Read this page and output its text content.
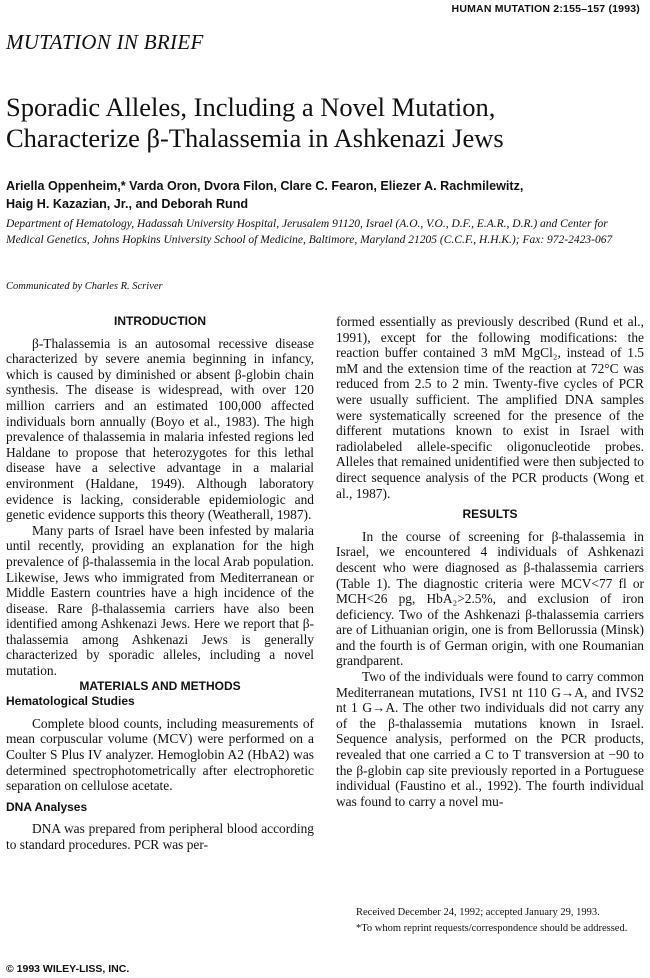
HUMAN MUTATION 2:155–157 (1993)
MUTATION IN BRIEF
Sporadic Alleles, Including a Novel Mutation,
Characterize β-Thalassemia in Ashkenazi Jews
Ariella Oppenheim,* Varda Oron, Dvora Filon, Clare C. Fearon, Eliezer A. Rachmilewitz,
Haig H. Kazazian, Jr., and Deborah Rund
Department of Hematology, Hadassah University Hospital, Jerusalem 91120, Israel (A.O., V.O., D.F., E.A.R., D.R.) and Center for Medical Genetics, Johns Hopkins University School of Medicine, Baltimore, Maryland 21205 (C.C.F., H.H.K.); Fax: 972-2423-067
Communicated by Charles R. Scriver
INTRODUCTION

β-Thalassemia is an autosomal recessive disease characterized by severe anemia beginning in infancy, which is caused by diminished or absent β-globin chain synthesis. The disease is widespread, with over 120 million carriers and an estimated 100,000 affected individuals born annually (Boyo et al., 1983). The high prevalence of thalassemia in malaria infested regions led Haldane to propose that heterozygotes for this lethal disease have a selective advantage in a malarial environment (Haldane, 1949). Although laboratory evidence is lacking, considerable epidemiologic and genetic evidence supports this theory (Weatherall, 1987).

Many parts of Israel have been infested by malaria until recently, providing an explanation for the high prevalence of β-thalassemia in the local Arab population. Likewise, Jews who immigrated from Mediterranean or Middle Eastern countries have a high incidence of the disease. Rare β-thalassemia carriers have also been identified among Ashkenazi Jews. Here we report that β-thalassemia among Ashkenazi Jews is generally characterized by sporadic alleles, including a novel mutation.

MATERIALS AND METHODS
Hematological Studies

Complete blood counts, including measurements of mean corpuscular volume (MCV) were performed on a Coulter S Plus IV analyzer. Hemoglobin A2 (HbA2) was determined spectrophotometrically after electrophoretic separation on cellulose acetate.

DNA Analyses

DNA was prepared from peripheral blood according to standard procedures. PCR was per-

formed essentially as previously described (Rund et al., 1991), except for the following modifications: the reaction buffer contained 3 mM MgCl₂, instead of 1.5 mM and the extension time of the reaction at 72°C was reduced from 2.5 to 2 min. Twenty-five cycles of PCR were usually sufficient. The amplified DNA samples were systematically screened for the presence of the different mutations known to exist in Israel with radiolabeled allele-specific oligonucleotide probes. Alleles that remained unidentified were then subjected to direct sequence analysis of the PCR products (Wong et al., 1987).

RESULTS

In the course of screening for β-thalassemia in Israel, we encountered 4 individuals of Ashkenazi descent who were diagnosed as β-thalassemia carriers (Table 1). The diagnostic criteria were MCV<77 fl or MCH<26 pg, HbA₂>2.5%, and exclusion of iron deficiency. Two of the Ashkenazi β-thalassemia carriers are of Lithuanian origin, one is from Bellorussia (Minsk) and the fourth is of German origin, with one Roumanian grandparent.

Two of the individuals were found to carry common Mediterranean mutations, IVS1 nt 110 G→A, and IVS2 nt 1 G→A. The other two individuals did not carry any of the β-thalassemia mutations known in Israel. Sequence analysis, performed on the PCR products, revealed that one carried a C to T transversion at −90 to the β-globin cap site previously reported in a Portuguese individual (Faustino et al., 1992). The fourth individual was found to carry a novel mu-

Received December 24, 1992; accepted January 29, 1993.

*To whom reprint requests/correspondence should be addressed.

© 1993 WILEY-LISS, INC.
